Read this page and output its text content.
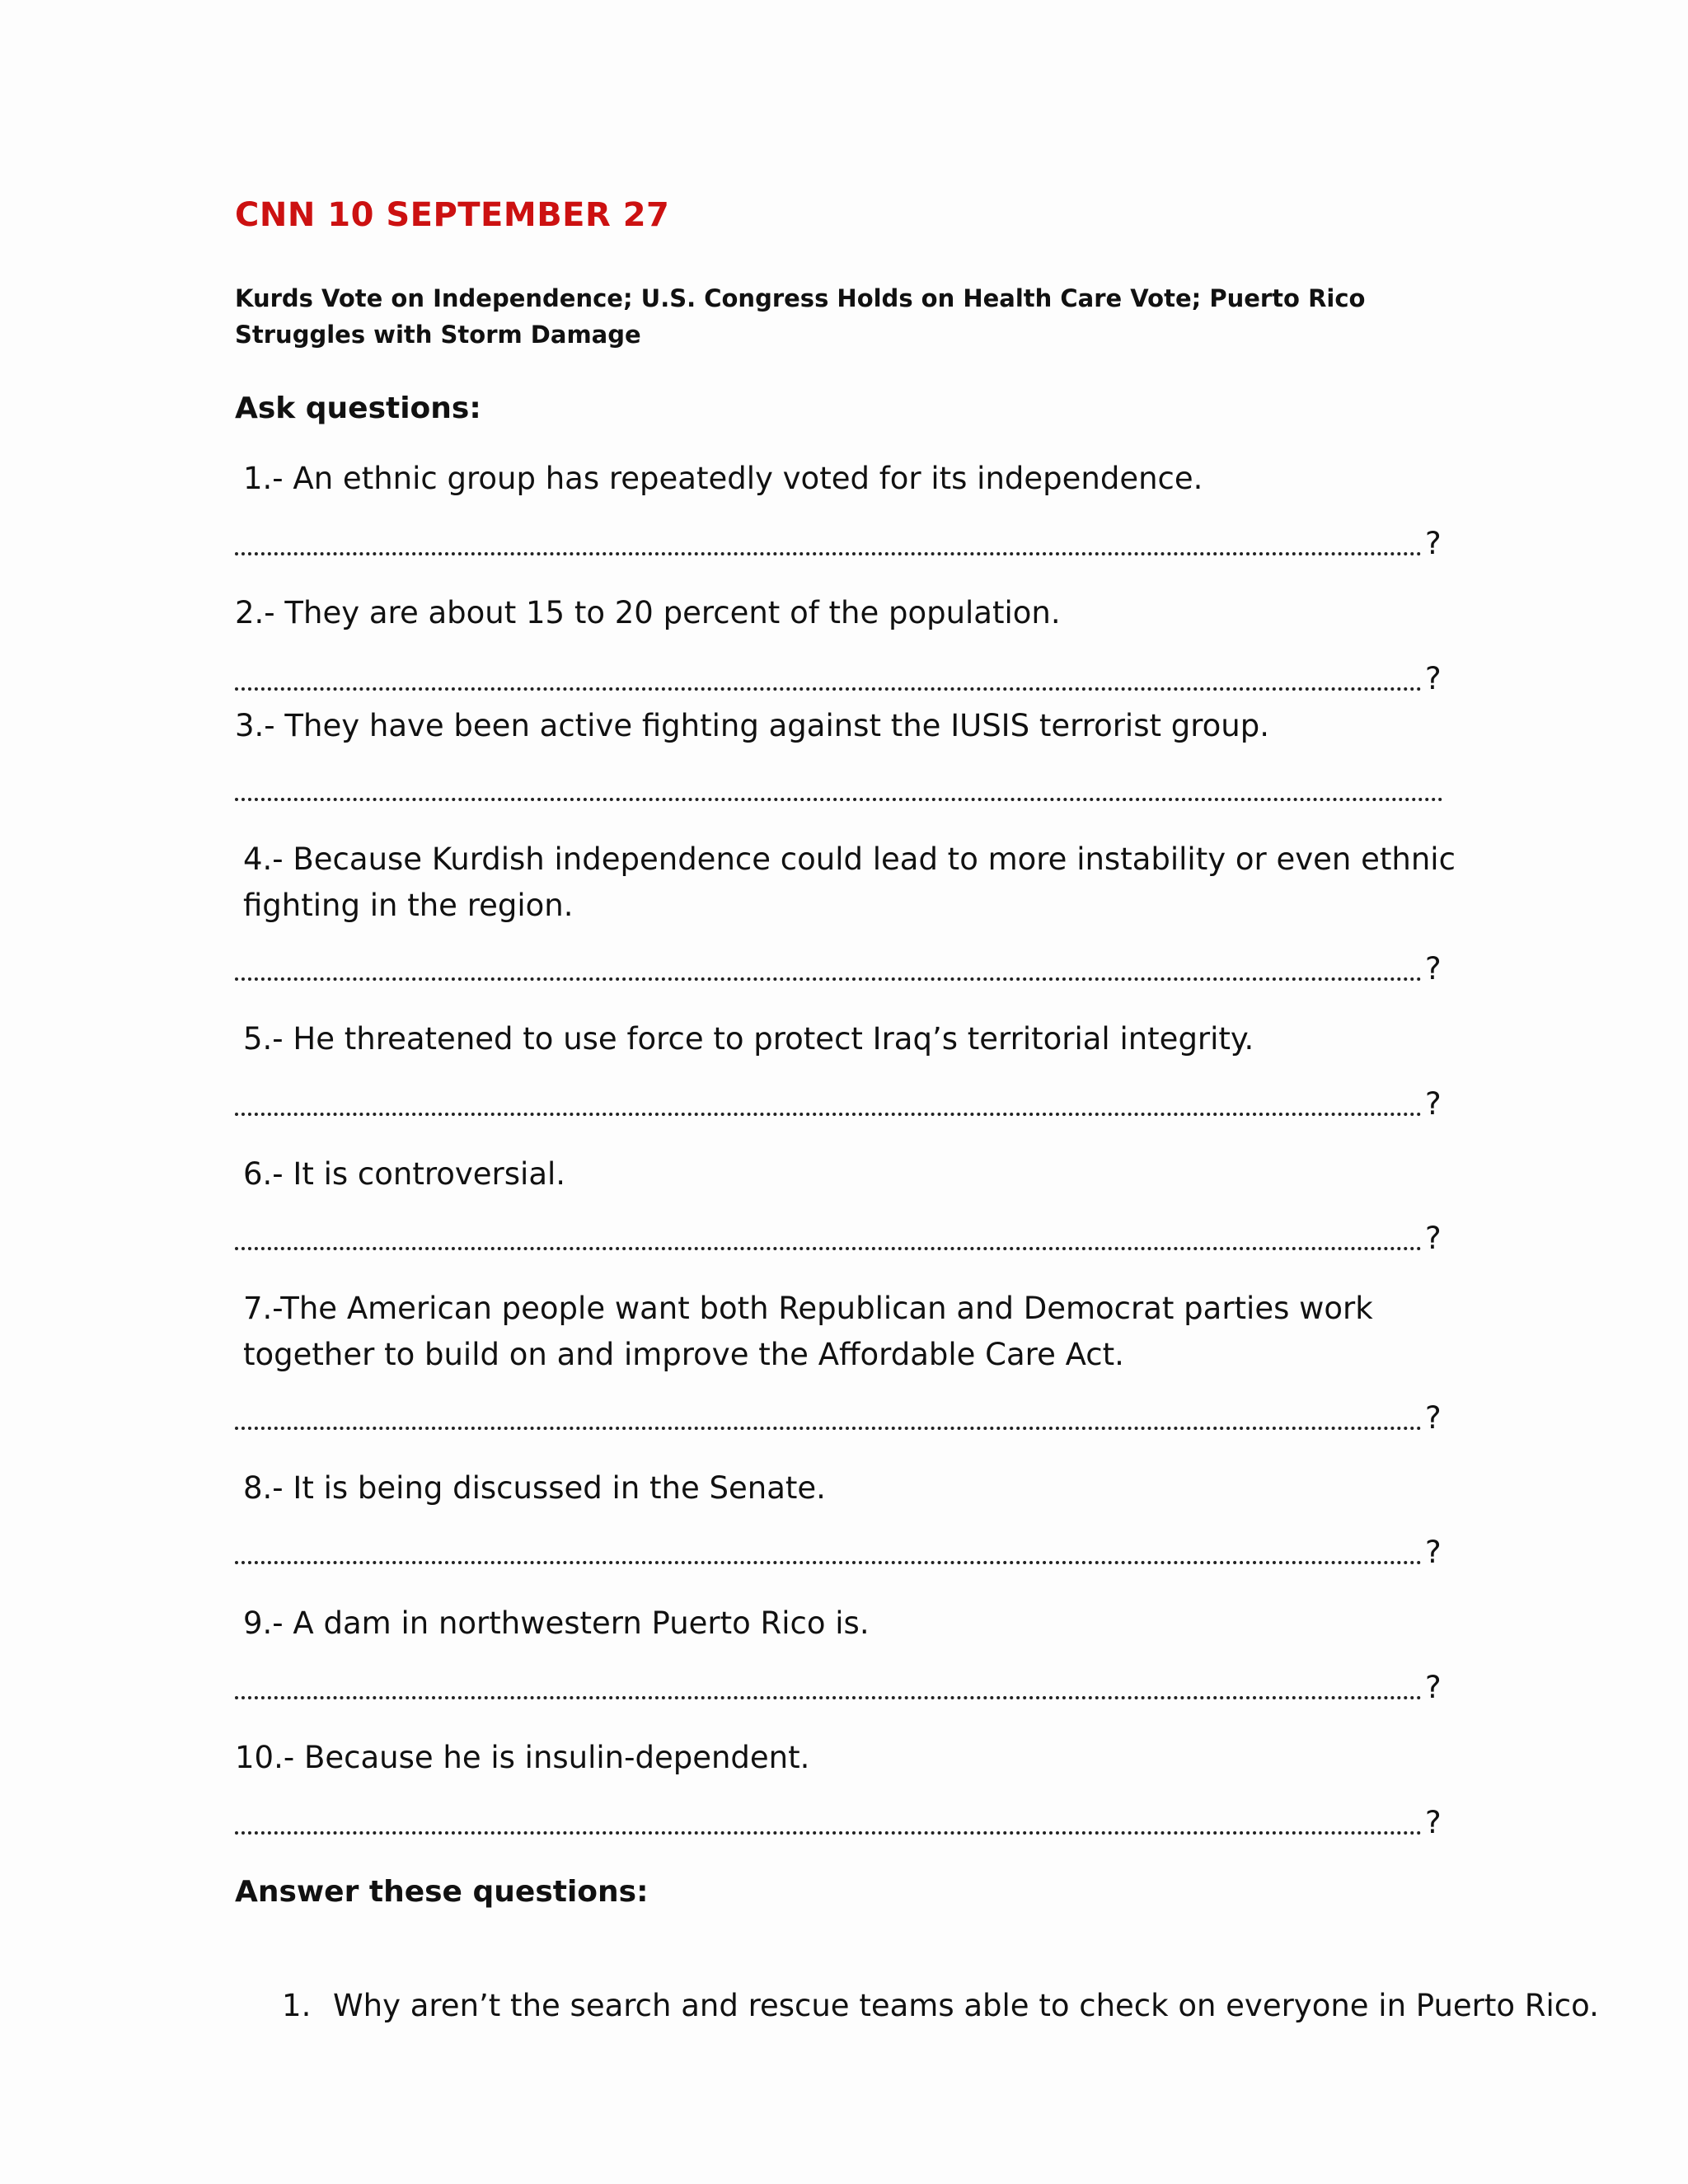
CNN 10 SEPTEMBER 27
Kurds Vote on Independence; U.S. Congress Holds on Health Care Vote; Puerto Rico Struggles with Storm Damage
Ask questions:
1.- An ethnic group has repeatedly voted for its independence.
?
2.- They are about 15 to 20 percent of the population.
?
3.- They have been active fighting against the IUSIS terrorist group.
4.- Because Kurdish independence could lead to more instability or even ethnic fighting in the region.
?
5.- He threatened to use force to protect Iraq’s territorial integrity.
?
6.- It is controversial.
?
7.-The American people want both Republican and Democrat parties work together to build on and improve the Affordable Care Act.
?
8.- It is being discussed in the Senate.
?
9.- A dam in northwestern Puerto Rico is.
?
10.- Because he is insulin-dependent.
?
Answer these questions:

1. Why aren’t the search and rescue teams able to check on everyone in Puerto Rico.
